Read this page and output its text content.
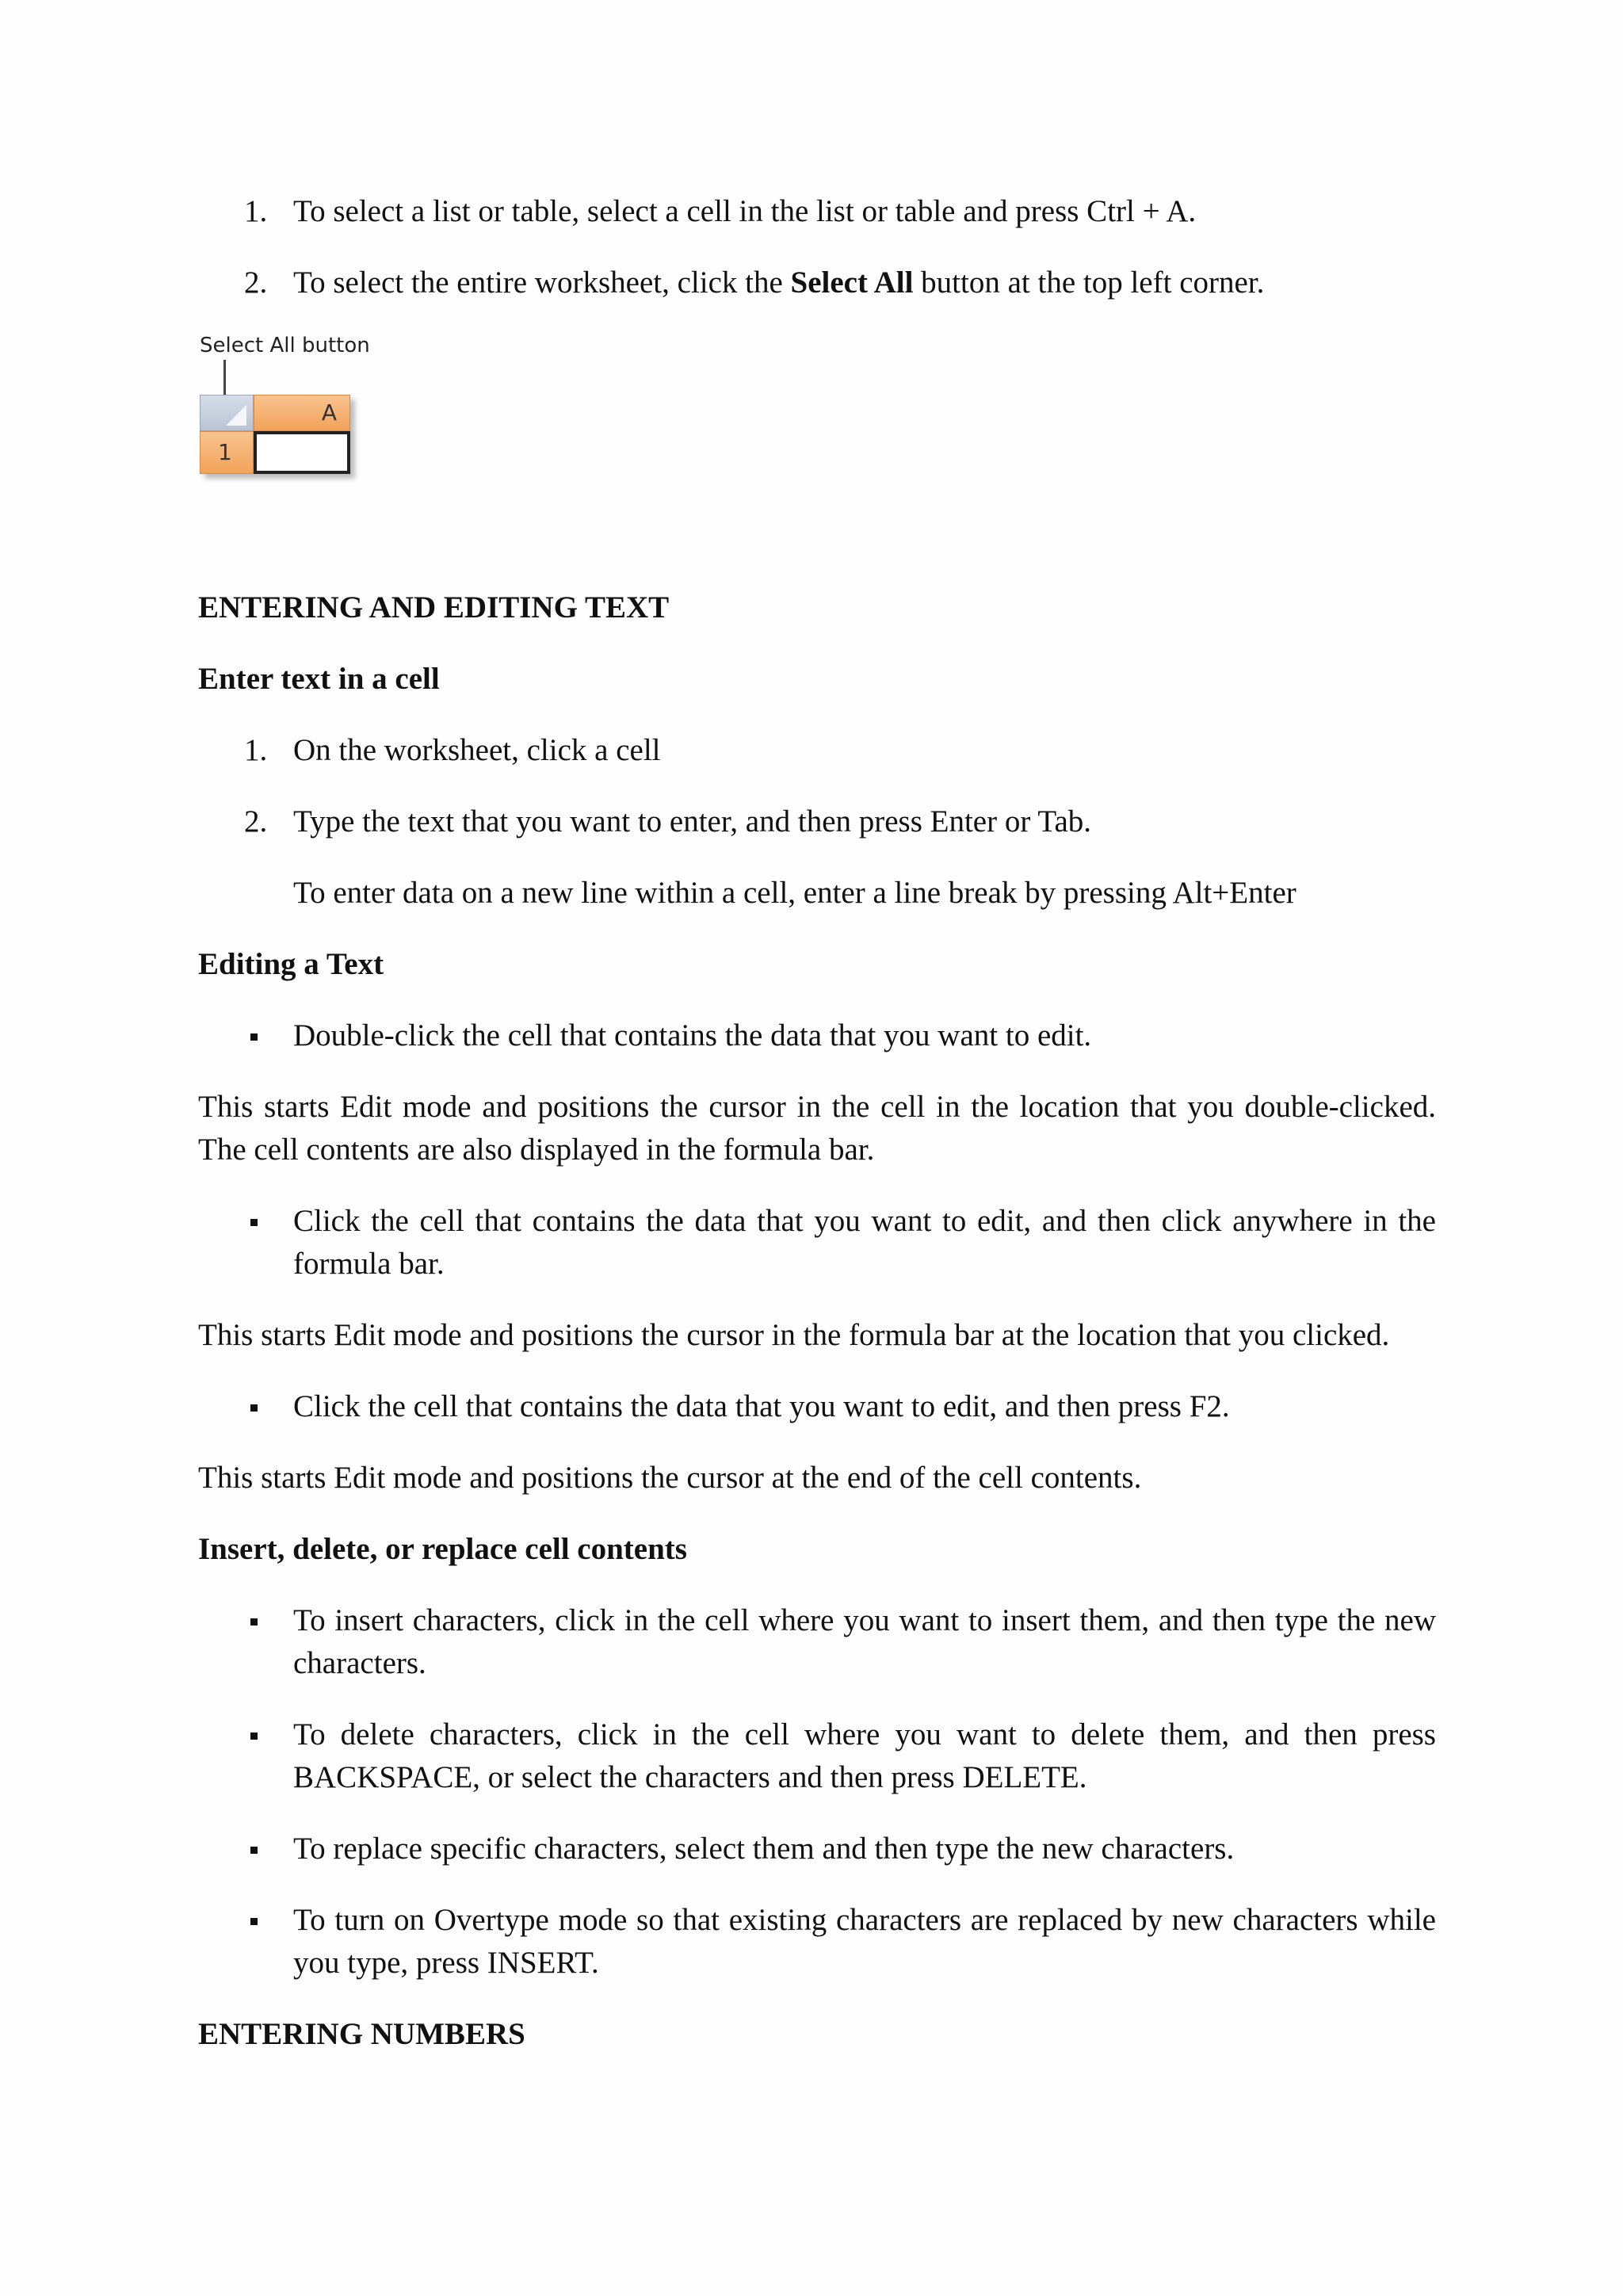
1. To select a list or table, select a cell in the list or table and press Ctrl + A.
2. To select the entire worksheet, click the Select All button at the top left corner.
Select All button
A
1

ENTERING AND EDITING TEXT

Enter text in a cell

1. On the worksheet, click a cell
2. Type the text that you want to enter, and then press Enter or Tab.

To enter data on a new line within a cell, enter a line break by pressing Alt+Enter

Editing a Text

Double-click the cell that contains the data that you want to edit.

This starts Edit mode and positions the cursor in the cell in the location that you double-clicked. The cell contents are also displayed in the formula bar.

Click the cell that contains the data that you want to edit, and then click anywhere in the formula bar.

This starts Edit mode and positions the cursor in the formula bar at the location that you clicked.

Click the cell that contains the data that you want to edit, and then press F2.

This starts Edit mode and positions the cursor at the end of the cell contents.

Insert, delete, or replace cell contents

To insert characters, click in the cell where you want to insert them, and then type the new characters.
To delete characters, click in the cell where you want to delete them, and then press BACKSPACE, or select the characters and then press DELETE.
To replace specific characters, select them and then type the new characters.
To turn on Overtype mode so that existing characters are replaced by new characters while you type, press INSERT.

ENTERING NUMBERS
